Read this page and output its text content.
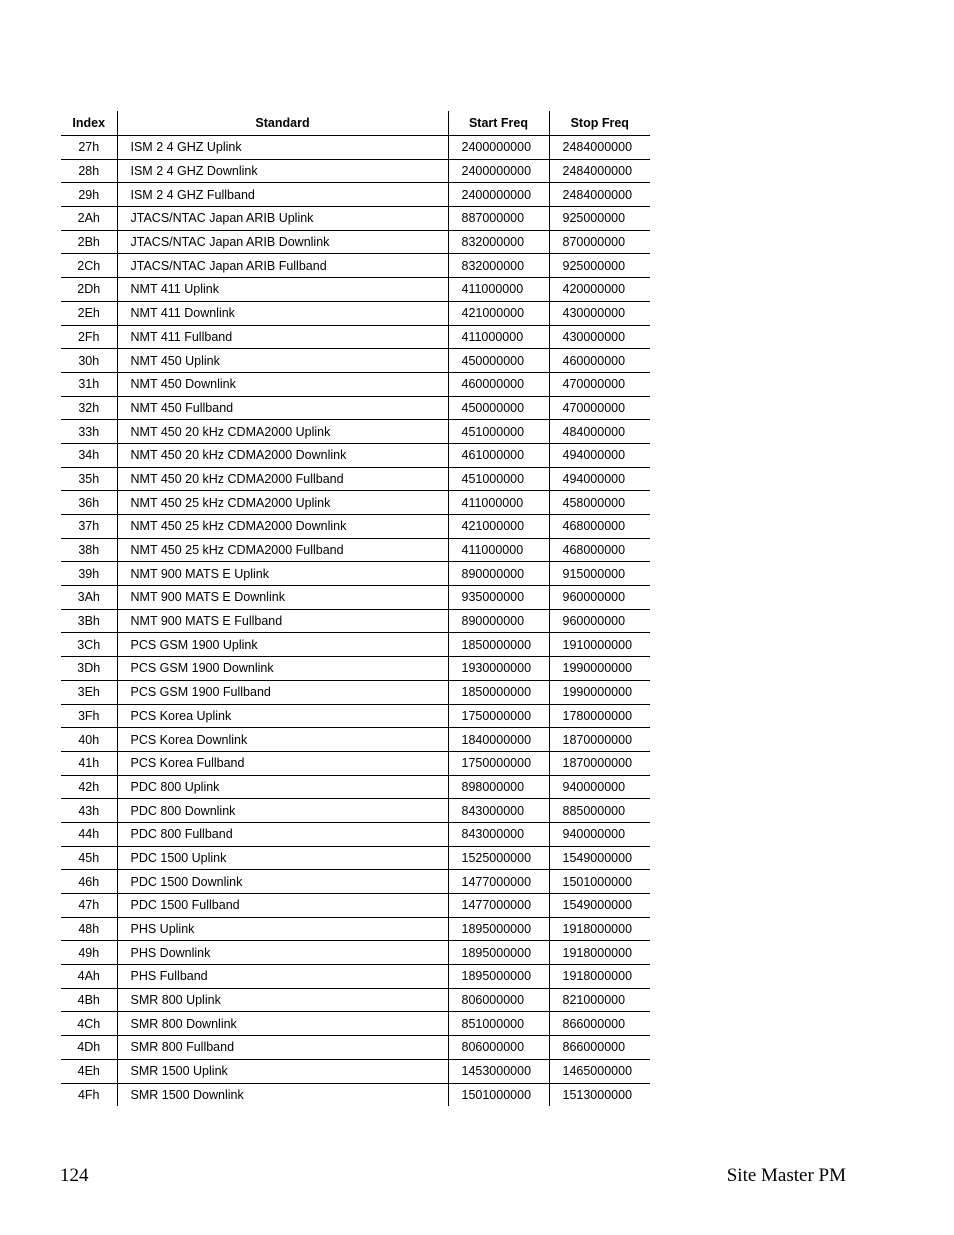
Index	Standard	Start Freq	Stop Freq
27h	ISM 2 4 GHZ Uplink	2400000000	2484000000
28h	ISM 2 4 GHZ Downlink	2400000000	2484000000
29h	ISM 2 4 GHZ Fullband	2400000000	2484000000
2Ah	JTACS/NTAC Japan ARIB Uplink	887000000	925000000
2Bh	JTACS/NTAC Japan ARIB Downlink	832000000	870000000
2Ch	JTACS/NTAC Japan ARIB Fullband	832000000	925000000
2Dh	NMT 411 Uplink	411000000	420000000
2Eh	NMT 411 Downlink	421000000	430000000
2Fh	NMT 411 Fullband	411000000	430000000
30h	NMT 450 Uplink	450000000	460000000
31h	NMT 450 Downlink	460000000	470000000
32h	NMT 450 Fullband	450000000	470000000
33h	NMT 450 20 kHz CDMA2000 Uplink	451000000	484000000
34h	NMT 450 20 kHz CDMA2000 Downlink	461000000	494000000
35h	NMT 450 20 kHz CDMA2000 Fullband	451000000	494000000
36h	NMT 450 25 kHz CDMA2000 Uplink	411000000	458000000
37h	NMT 450 25 kHz CDMA2000 Downlink	421000000	468000000
38h	NMT 450 25 kHz CDMA2000 Fullband	411000000	468000000
39h	NMT 900 MATS E Uplink	890000000	915000000
3Ah	NMT 900 MATS E Downlink	935000000	960000000
3Bh	NMT 900 MATS E Fullband	890000000	960000000
3Ch	PCS GSM 1900 Uplink	1850000000	1910000000
3Dh	PCS GSM 1900 Downlink	1930000000	1990000000
3Eh	PCS GSM 1900 Fullband	1850000000	1990000000
3Fh	PCS Korea Uplink	1750000000	1780000000
40h	PCS Korea Downlink	1840000000	1870000000
41h	PCS Korea Fullband	1750000000	1870000000
42h	PDC 800 Uplink	898000000	940000000
43h	PDC 800 Downlink	843000000	885000000
44h	PDC 800 Fullband	843000000	940000000
45h	PDC 1500 Uplink	1525000000	1549000000
46h	PDC 1500 Downlink	1477000000	1501000000
47h	PDC 1500 Fullband	1477000000	1549000000
48h	PHS Uplink	1895000000	1918000000
49h	PHS Downlink	1895000000	1918000000
4Ah	PHS Fullband	1895000000	1918000000
4Bh	SMR 800 Uplink	806000000	821000000
4Ch	SMR 800 Downlink	851000000	866000000
4Dh	SMR 800 Fullband	806000000	866000000
4Eh	SMR 1500 Uplink	1453000000	1465000000
4Fh	SMR 1500 Downlink	1501000000	1513000000
124	Site Master PM
